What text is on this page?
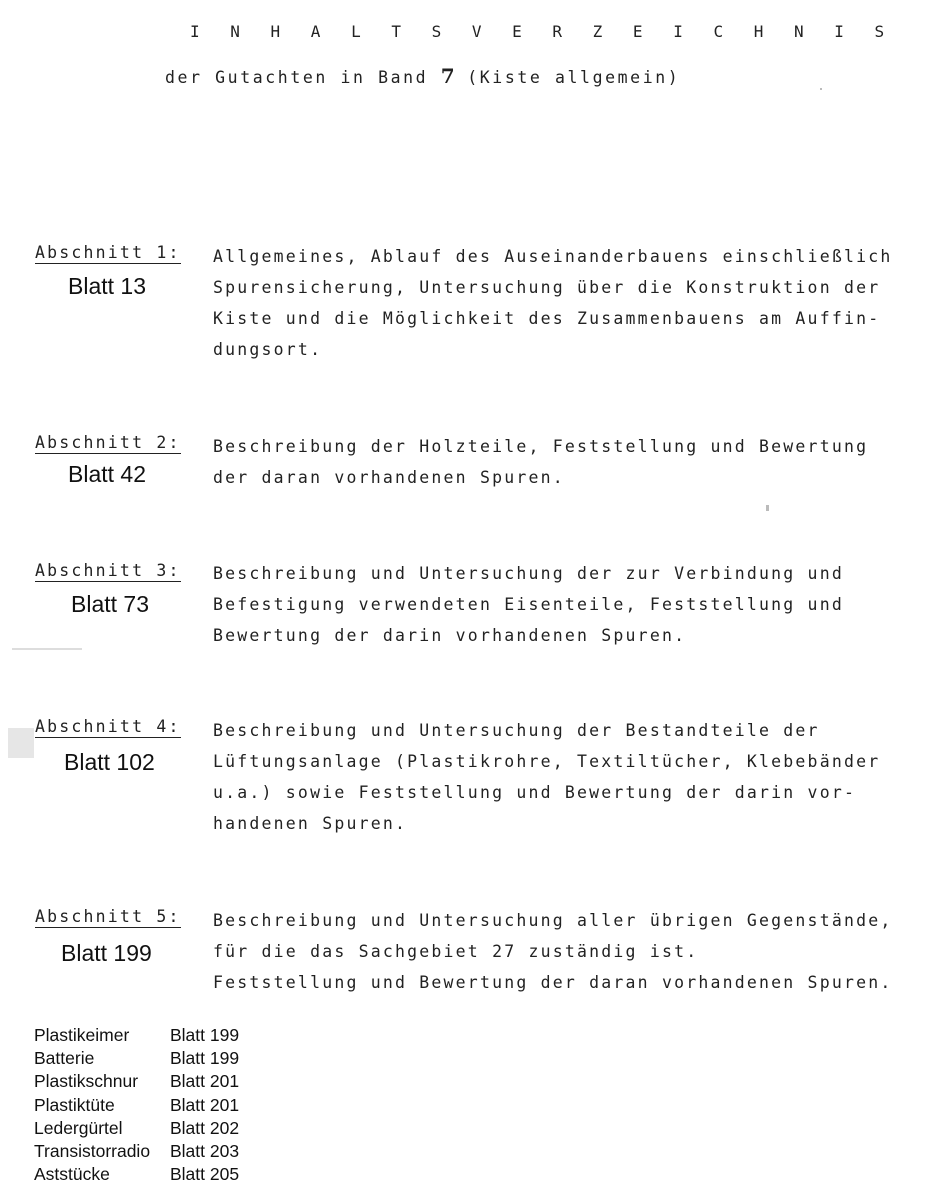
I N H A L T S V E R Z E I C H N I S
der Gutachten in Band 7 (Kiste allgemein)
Abschnitt 1:
Blatt 13
Allgemeines, Ablauf des Auseinanderbauens einschließlich
Spurensicherung, Untersuchung über die Konstruktion der
Kiste und die Möglichkeit des Zusammenbauens am Auffin-
dungsort.
Abschnitt 2:
Blatt 42
Beschreibung der Holzteile, Feststellung und Bewertung
der daran vorhandenen Spuren.
Abschnitt 3:
Blatt 73
Beschreibung und Untersuchung der zur Verbindung und
Befestigung verwendeten Eisenteile, Feststellung und
Bewertung der darin vorhandenen Spuren.
Abschnitt 4:
Blatt 102
Beschreibung und Untersuchung der Bestandteile der
Lüftungsanlage (Plastikrohre, Textiltücher, Klebebänder
u.a.) sowie Feststellung und Bewertung der darin vor-
handenen Spuren.
Abschnitt 5:
Blatt 199
Beschreibung und Untersuchung aller übrigen Gegenstände,
für die das Sachgebiet 27 zuständig ist.
Feststellung und Bewertung der daran vorhandenen Spuren.
Plastikeimer	Blatt 199
Batterie	Blatt 199
Plastikschnur	Blatt 201
Plastiktüte	Blatt 201
Ledergürtel	Blatt 202
Transistorradio	Blatt 203
Aststücke	Blatt 205
